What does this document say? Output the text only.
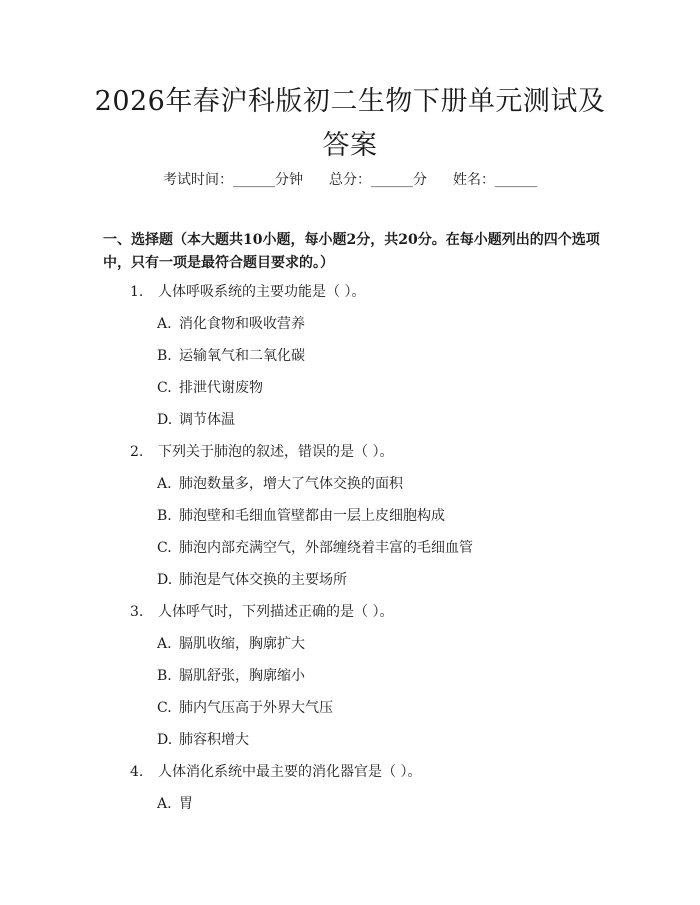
2026年春沪科版初二生物下册单元测试及答案
考试时间：______分钟 总分：______分 姓名：______
一、选择题（本大题共10小题，每小题2分，共20分。在每小题列出的四个选项中，只有一项是最符合题目要求的。）
1. 人体呼吸系统的主要功能是（ ）。
A. 消化食物和吸收营养
B. 运输氧气和二氧化碳
C. 排泄代谢废物
D. 调节体温
2. 下列关于肺泡的叙述，错误的是（ ）。
A. 肺泡数量多，增大了气体交换的面积
B. 肺泡壁和毛细血管壁都由一层上皮细胞构成
C. 肺泡内部充满空气，外部缠绕着丰富的毛细血管
D. 肺泡是气体交换的主要场所
3. 人体呼气时，下列描述正确的是（ ）。
A. 膈肌收缩，胸廓扩大
B. 膈肌舒张，胸廓缩小
C. 肺内气压高于外界大气压
D. 肺容积增大
4. 人体消化系统中最主要的消化器官是（ ）。
A. 胃
